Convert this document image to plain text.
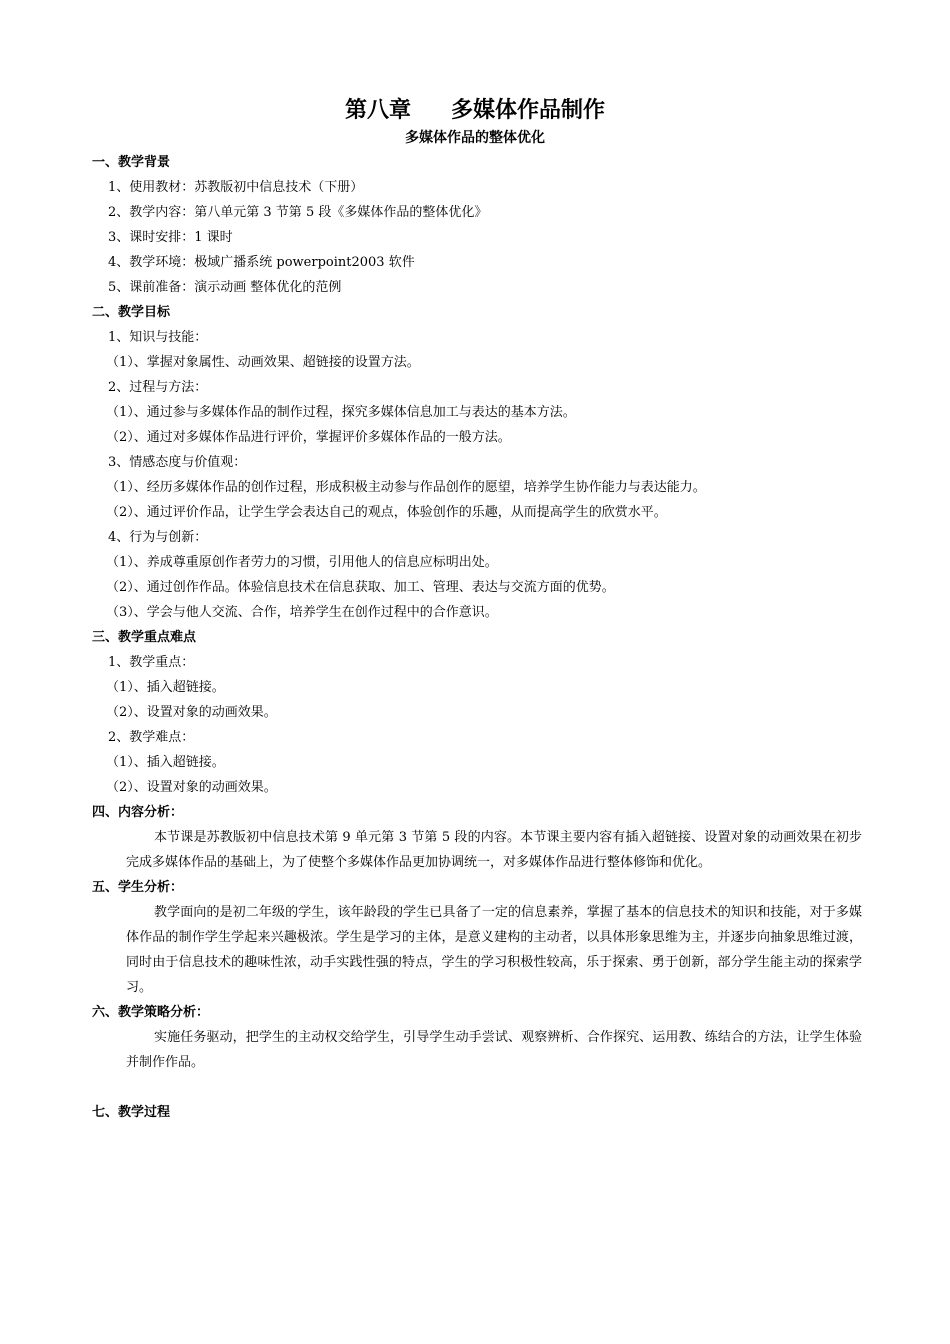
第八章 多媒体作品制作
多媒体作品的整体优化
一、教学背景
1、使用教材：苏教版初中信息技术（下册）
2、教学内容：第八单元第 3 节第 5 段《多媒体作品的整体优化》
3、课时安排：1 课时
4、教学环境：极域广播系统 powerpoint2003 软件
5、课前准备：演示动画 整体优化的范例
二、教学目标
1、知识与技能：
（1）、掌握对象属性、动画效果、超链接的设置方法。
2、过程与方法：
（1）、通过参与多媒体作品的制作过程，探究多媒体信息加工与表达的基本方法。
（2）、通过对多媒体作品进行评价，掌握评价多媒体作品的一般方法。
3、情感态度与价值观：
（1）、经历多媒体作品的创作过程，形成积极主动参与作品创作的愿望，培养学生协作能力与表达能力。
（2）、通过评价作品，让学生学会表达自己的观点，体验创作的乐趣，从而提高学生的欣赏水平。
4、行为与创新：
（1）、养成尊重原创作者劳力的习惯，引用他人的信息应标明出处。
（2）、通过创作作品。体验信息技术在信息获取、加工、管理、表达与交流方面的优势。
（3）、学会与他人交流、合作，培养学生在创作过程中的合作意识。
三、教学重点难点
1、教学重点：
（1）、插入超链接。
（2）、设置对象的动画效果。
2、教学难点：
（1）、插入超链接。
（2）、设置对象的动画效果。
四、内容分析：
本节课是苏教版初中信息技术第 9 单元第 3 节第 5 段的内容。本节课主要内容有插入超链接、设置对象的动画效果在初步完成多媒体作品的基础上，为了使整个多媒体作品更加协调统一，对多媒体作品进行整体修饰和优化。
五、学生分析：
教学面向的是初二年级的学生，该年龄段的学生已具备了一定的信息素养，掌握了基本的信息技术的知识和技能，对于多媒体作品的制作学生学起来兴趣极浓。学生是学习的主体，是意义建构的主动者，以具体形象思维为主，并逐步向抽象思维过渡，同时由于信息技术的趣味性浓，动手实践性强的特点，学生的学习积极性较高，乐于探索、勇于创新，部分学生能主动的探索学习。
六、教学策略分析：
实施任务驱动，把学生的主动权交给学生，引导学生动手尝试、观察辨析、合作探究、运用教、练结合的方法，让学生体验并制作作品。
七、教学过程
